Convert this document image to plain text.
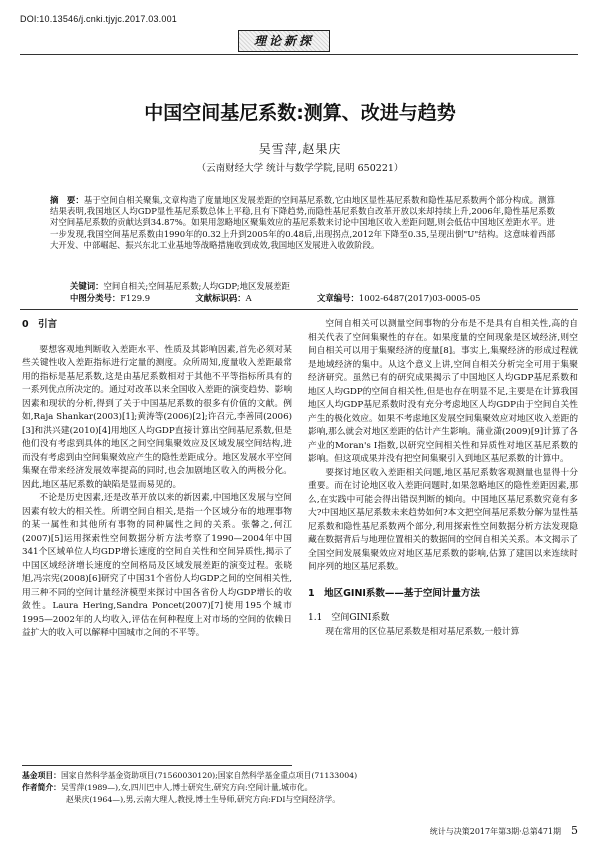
DOI:10.13546/j.cnki.tjyjc.2017.03.001
理论新探
中国空间基尼系数:测算、改进与趋势
吴雪萍,赵果庆
（云南财经大学 统计与数学学院,昆明 650221）
摘　要：基于空间自相关聚集,文章构造了度量地区发展差距的空间基尼系数,它由地区显性基尼系数和隐性基尼系数两个部分构成。测算结果表明,我国地区人均GDP显性基尼系数总体上平稳,且有下降趋势,而隐性基尼系数自改革开放以来却持续上升,2006年,隐性基尼系数对空间基尼系数的贡献达到34.87%。如果用忽略地区聚集效应的基尼系数来讨论中国地区收入差距问题,则会低估中国地区差距水平。进一步发现,我国空间基尼系数由1990年的0.32上升到2005年的0.48后,出现拐点,2012年下降至0.35,呈现出倒"U"结构。这意味着西部大开发、中部崛起、振兴东北工业基地等战略措施收到成效,我国地区发展进入收敛阶段。
关键词：空间自相关;空间基尼系数;人均GDP;地区发展差距
中图分类号：F129.9	文献标识码：A	文章编号：1002-6487(2017)03-0005-05
0　引言

要想客观地判断收入差距水平、性质及其影响因素,首先必须对某些关键性收入差距指标进行定量的测度。众所周知,度量收入差距最常用的指标是基尼系数,这是由基尼系数相对于其他不平等指标所具有的一系列优点所决定的。通过对改革以来全国收入差距的演变趋势、影响因素和现状的分析,得到了关于中国基尼系数的很多有价值的文献。例如,Raja Shankar(2003)[1];黄涛等(2006)[2];许召元,李善同(2006)[3]和洪兴建(2010)[4]用地区人均GDP直接计算出空间基尼系数,但是他们没有考虑到具体的地区之间空间集聚效应及区域发展空间结构,进而没有考虑到由空间集聚效应产生的隐性差距成分。地区发展水平空间集聚在带来经济发展效率提高的同时,也会加剧地区收入的两极分化。因此,地区基尼系数的缺陷是显而易见的。

不论是历史因素,还是改革开放以来的新因素,中国地区发展与空间因素有较大的相关性。所谓空间自相关,是指一个区域分布的地理事物的某一属性和其他所有事物的同种属性之间的关系。张馨之,何江(2007)[5]运用探索性空间数据分析方法考察了1990—2004年中国341个区域单位人均GDP增长速度的空间自关性和空间异质性,揭示了中国区域经济增长速度的空间格局及区域发展差距的演变过程。张晓旭,冯宗宪(2008)[6]研究了中国31个省份人均GDP之间的空间相关性,用三种不同的空间计量经济模型来探讨中国各省份人均GDP增长的收敛性。Laura Hering,Sandra Poncet(2007)[7]使用195个城市1995—2002年的人均收入,评估在何种程度上对市场的空间的依赖日益扩大的收入可以解释中国城市之间的不平等。

空间自相关可以测量空间事物的分布是不是具有自相关性,高的自相关代表了空间集聚性的存在。如果度量的空间现象是区域经济,则空间自相关可以用于集聚经济的度量[8]。事实上,集聚经济的形成过程就是地域经济的集中。从这个意义上讲,空间自相关分析完全可用于集聚经济研究。虽然已有的研究成果揭示了中国地区人均GDP基尼系数和地区人均GDP的空间自相关性,但是也存在明显不足,主要是在计算我国地区人均GDP基尼系数时没有充分考虑地区人均GDP由于空间自关性产生的极化效应。如果不考虑地区发展空间集聚效应对地区收入差距的影响,那么就会对地区差距的估计产生影响。蒲业潇(2009)[9]计算了各产业的Moran's I指数,以研究空间相关性和异质性对地区基尼系数的影响。但这项成果并没有把空间集聚引入到地区基尼系数的计算中。

要探讨地区收入差距相关问题,地区基尼系数客观测量也显得十分重要。而在讨论地区收入差距问题时,如果忽略地区的隐性差距因素,那么,在实践中可能会得出错误判断的倾向。中国地区基尼系数究竟有多大?中国地区基尼系数未来趋势如何?本文把空间基尼系数分解为显性基尼系数和隐性基尼系数两个部分,利用探索性空间数据分析方法发现隐藏在数据背后与地理位置相关的数据间的空间自相关关系。本文揭示了全国空间发展集聚效应对地区基尼系数的影响,估算了建国以来连续时间序列的地区基尼系数。

1　地区GINI系数——基于空间计量方法
1.1　空间GINI系数

现在常用的区位基尼系数是相对基尼系数,一般计算

基金项目：国家自然科学基金资助项目(71560030120);国家自然科学基金重点项目(71133004)
作者简介：吴雪萍(1989—),女,四川巴中人,博士研究生,研究方向:空间计量,城市化。
赵果庆(1964—),男,云南大理人,教授,博士生导师,研究方向:FDI与空间经济学。
统计与决策2017年第3期·总第471期 5
